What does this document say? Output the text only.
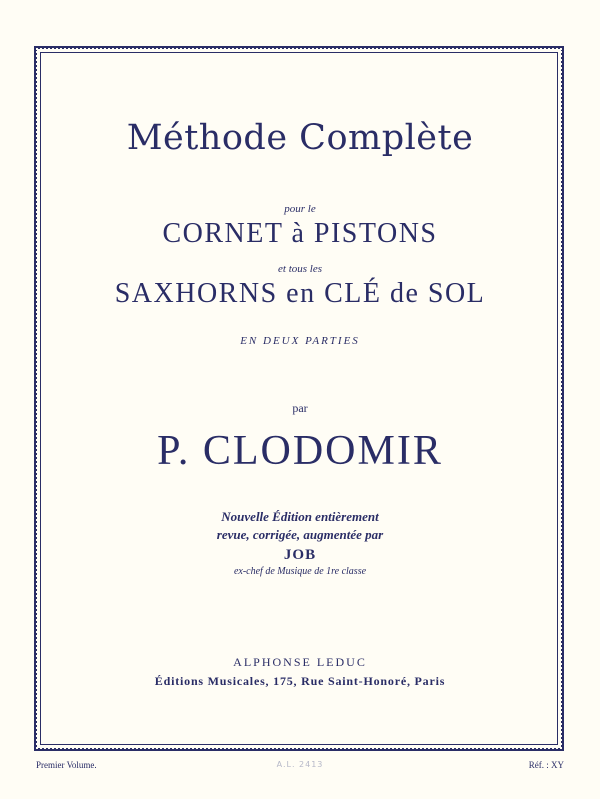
Méthode Complète
pour le
CORNET à PISTONS
et tous les
SAXHORNS en CLÉ de SOL
EN DEUX PARTIES
par
P. CLODOMIR
Nouvelle Édition entièrement
revue, corrigée, augmentée par
JOB
ex-chef de Musique de 1re classe
ALPHONSE LEDUC
Éditions Musicales, 175, Rue Saint-Honoré, Paris
Premier Volume.	A.L. 2413	Réf. : XY
